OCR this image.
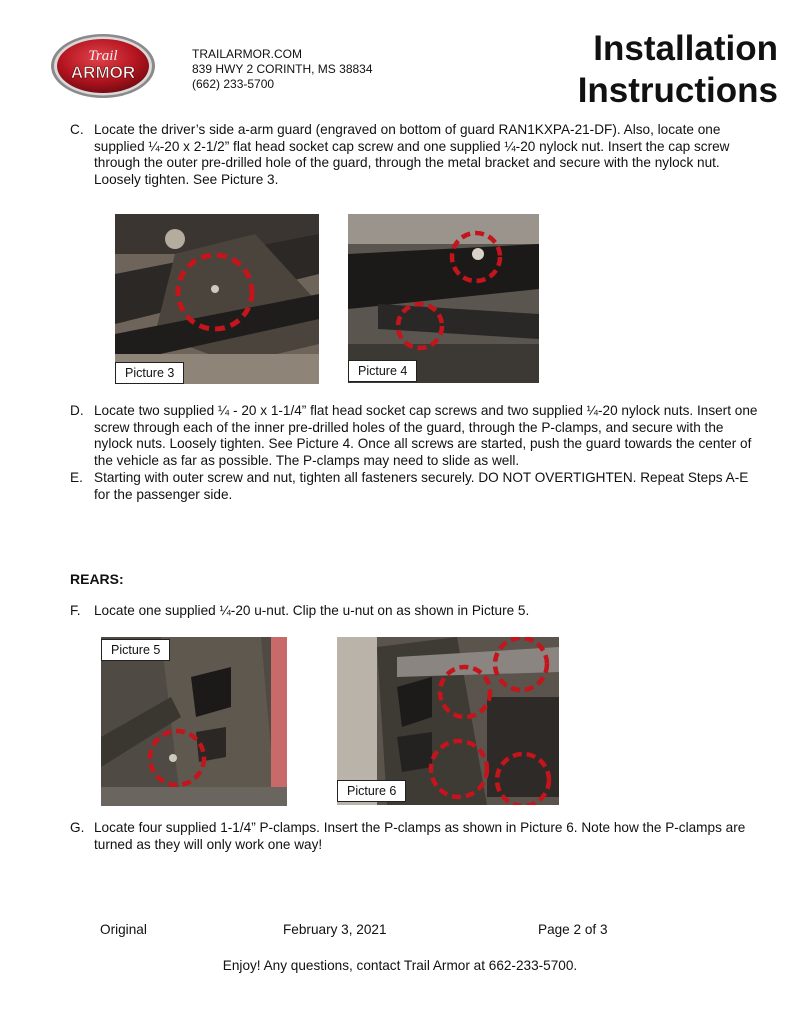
Trail
ARMOR
TRAILARMOR.COM
839 HWY 2 CORINTH, MS 38834
(662) 233-5700
Installation
Instructions
C. Locate the driver’s side a-arm guard (engraved on bottom of guard RAN1KXPA-21-DF). Also, locate one supplied ¼-20 x 2-1/2” flat head socket cap screw and one supplied ¼-20 nylock nut. Insert the cap screw through the outer pre-drilled hole of the guard, through the metal bracket and secure with the nylock nut. Loosely tighten. See Picture 3.
Picture 3	Picture 4
D. Locate two supplied ¼ - 20 x 1-1/4” flat head socket cap screws and two supplied ¼-20 nylock nuts. Insert one screw through each of the inner pre-drilled holes of the guard, through the P-clamps, and secure with the nylock nuts. Loosely tighten. See Picture 4. Once all screws are started, push the guard towards the center of the vehicle as far as possible. The P-clamps may need to slide as well.
E. Starting with outer screw and nut, tighten all fasteners securely. DO NOT OVERTIGHTEN. Repeat Steps A-E for the passenger side.
REARS:
F. Locate one supplied ¼-20 u-nut. Clip the u-nut on as shown in Picture 5.
Picture 5
Picture 6
G. Locate four supplied 1-1/4” P-clamps. Insert the P-clamps as shown in Picture 6. Note how the P-clamps are turned as they will only work one way!
Original	February 3, 2021	Page 2 of 3
Enjoy! Any questions, contact Trail Armor at 662-233-5700.
